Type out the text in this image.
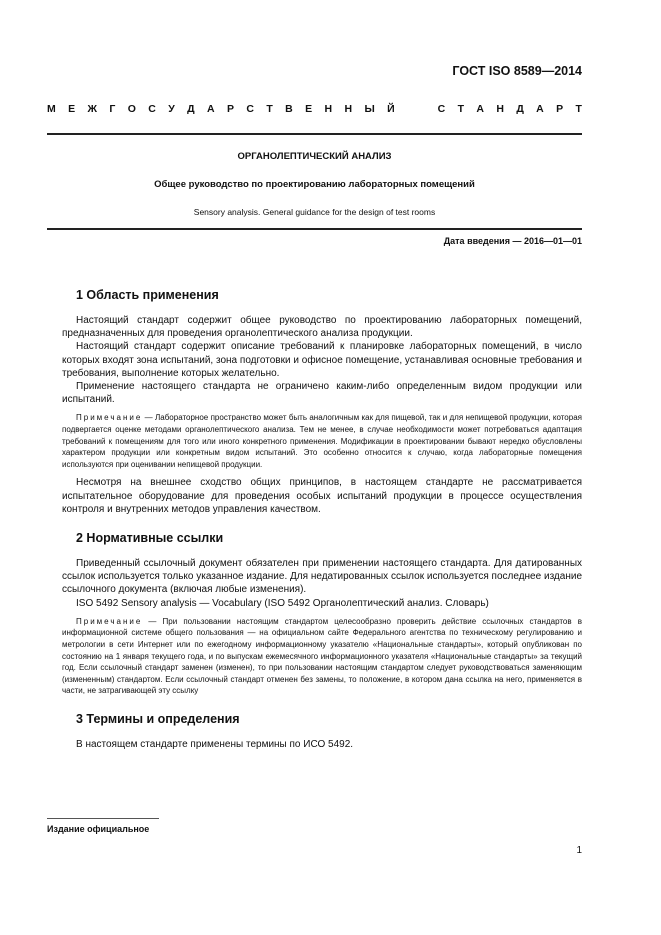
ГОСТ ISO 8589—2014
М Е Ж Г О С У Д А Р С Т В Е Н Н Ы Й

	С Т А Н Д А Р Т
ОРГАНОЛЕПТИЧЕСКИЙ АНАЛИЗ
Общее руководство по проектированию лабораторных помещений
Sensory analysis. General guidance for the design of test rooms
Дата введения — 2016—01—01
1 Область применения

Настоящий стандарт содержит общее руководство по проектированию лабораторных помещений, предназначенных для проведения органолептического анализа продукции.

Настоящий стандарт содержит описание требований к планировке лабораторных помещений, в число которых входят зона испытаний, зона подготовки и офисное помещение, устанавливая основные требования и требования, выполнение которых желательно.

Применение настоящего стандарта не ограничено каким-либо определенным видом продукции или испытаний.

Примечание — Лабораторное пространство может быть аналогичным как для пищевой, так и для непищевой продукции, которая подвергается оценке методами органолептического анализа. Тем не менее, в случае необходимости может потребоваться адаптация требований к помещениям для того или иного конкретного применения. Модификации в проектировании бывают нередко обусловлены характером продукции или конкретным видом испытаний. Это особенно относится к случаю, когда лабораторные помещения используются при оценивании непищевой продукции.

Несмотря на внешнее сходство общих принципов, в настоящем стандарте не рассматривается испытательное оборудование для проведения особых испытаний продукции в процессе осуществления контроля и внутренних методов управления качеством.

2 Нормативные ссылки

Приведенный ссылочный документ обязателен при применении настоящего стандарта. Для датированных ссылок используется только указанное издание. Для недатированных ссылок используется последнее издание ссылочного документа (включая любые изменения).

ISO 5492 Sensory analysis — Vocabulary (ISO 5492 Органолептический анализ. Словарь)

Примечание — При пользовании настоящим стандартом целесообразно проверить действие ссылочных стандартов в информационной системе общего пользования — на официальном сайте Федерального агентства по техническому регулированию и метрологии в сети Интернет или по ежегодному информационному указателю «Национальные стандарты», который опубликован по состоянию на 1 января текущего года, и по выпускам ежемесячного информационного указателя «Национальные стандарты» за текущий год. Если ссылочный стандарт заменен (изменен), то при пользовании настоящим стандартом следует руководствоваться заменяющим (измененным) стандартом. Если ссылочный стандарт отменен без замены, то положение, в котором дана ссылка на него, применяется в части, не затрагивающей эту ссылку

3 Термины и определения

В настоящем стандарте применены термины по ИСО 5492.

Издание официальное
1
